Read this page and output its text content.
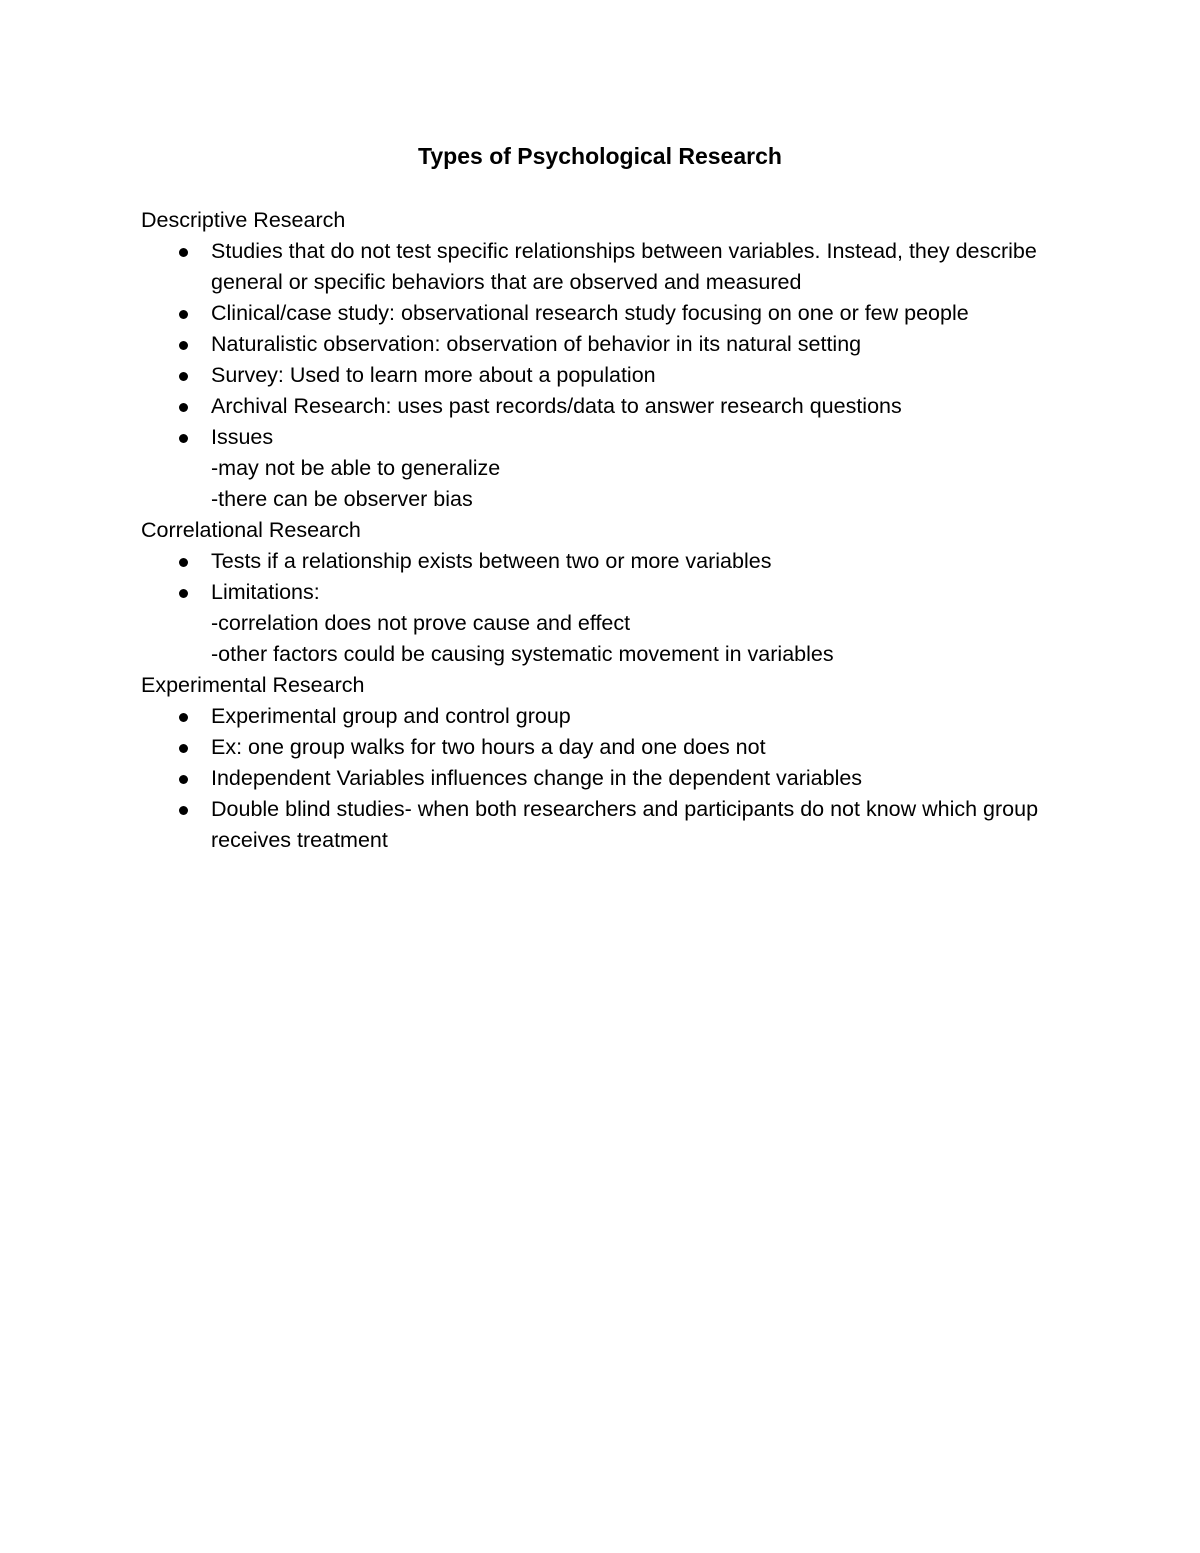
Types of Psychological Research
Descriptive Research
Studies that do not test specific relationships between variables. Instead, they describe general or specific behaviors that are observed and measured
Clinical/case study: observational research study focusing on one or few people
Naturalistic observation: observation of behavior in its natural setting
Survey: Used to learn more about a population
Archival Research: uses past records/data to answer research questions
Issues
-may not be able to generalize
-there can be observer bias
Correlational Research
Tests if a relationship exists between two or more variables
Limitations:
-correlation does not prove cause and effect
-other factors could be causing systematic movement in variables
Experimental Research
Experimental group and control group
Ex: one group walks for two hours a day and one does not
Independent Variables influences change in the dependent variables
Double blind studies- when both researchers and participants do not know which group receives treatment
